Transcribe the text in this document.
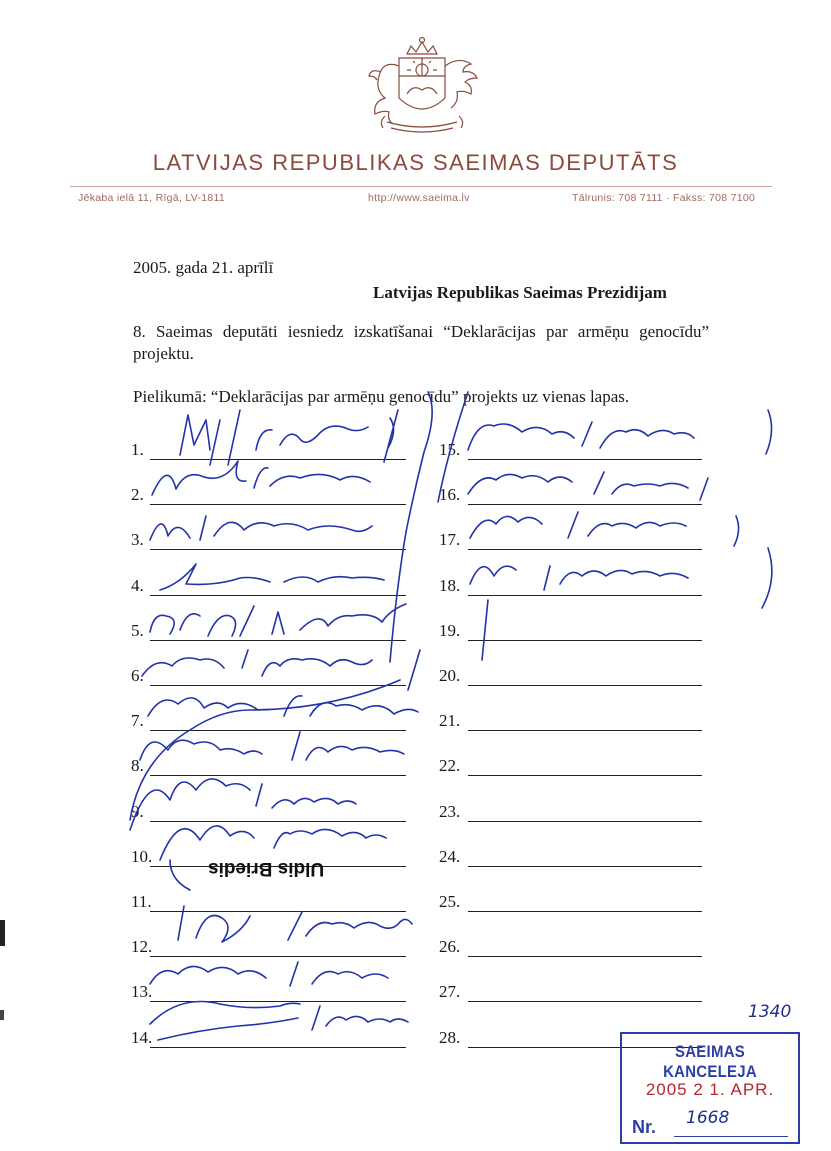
LATVIJAS REPUBLIKAS SAEIMAS DEPUTĀTS
Jēkaba ielā 11, Rīgā, LV-1811	http://www.saeima.lv	Tālrunis: 708 7111 · Fakss: 708 7100
2005. gada 21. aprīlī
Latvijas Republikas Saeimas Prezidijam
8. Saeimas deputāti iesniedz izskatīšanai “Deklarācijas par armēņu genocīdu” projektu.
Pielikumā: “Deklarācijas par armēņu genocīdu” projekts uz vienas lapas.
1.
2.
3.
4.
5.
6.
7.
8.
9.
10.
11.
12.
13.
14.
15.
16.
17.
18.
19.
20.
21.
22.
23.
24.
25.
26.
27.
28.
Uldis Briedis
SAEIMAS KANCELEJA
2005 2 1. APR.
Nr. 1668
1340
